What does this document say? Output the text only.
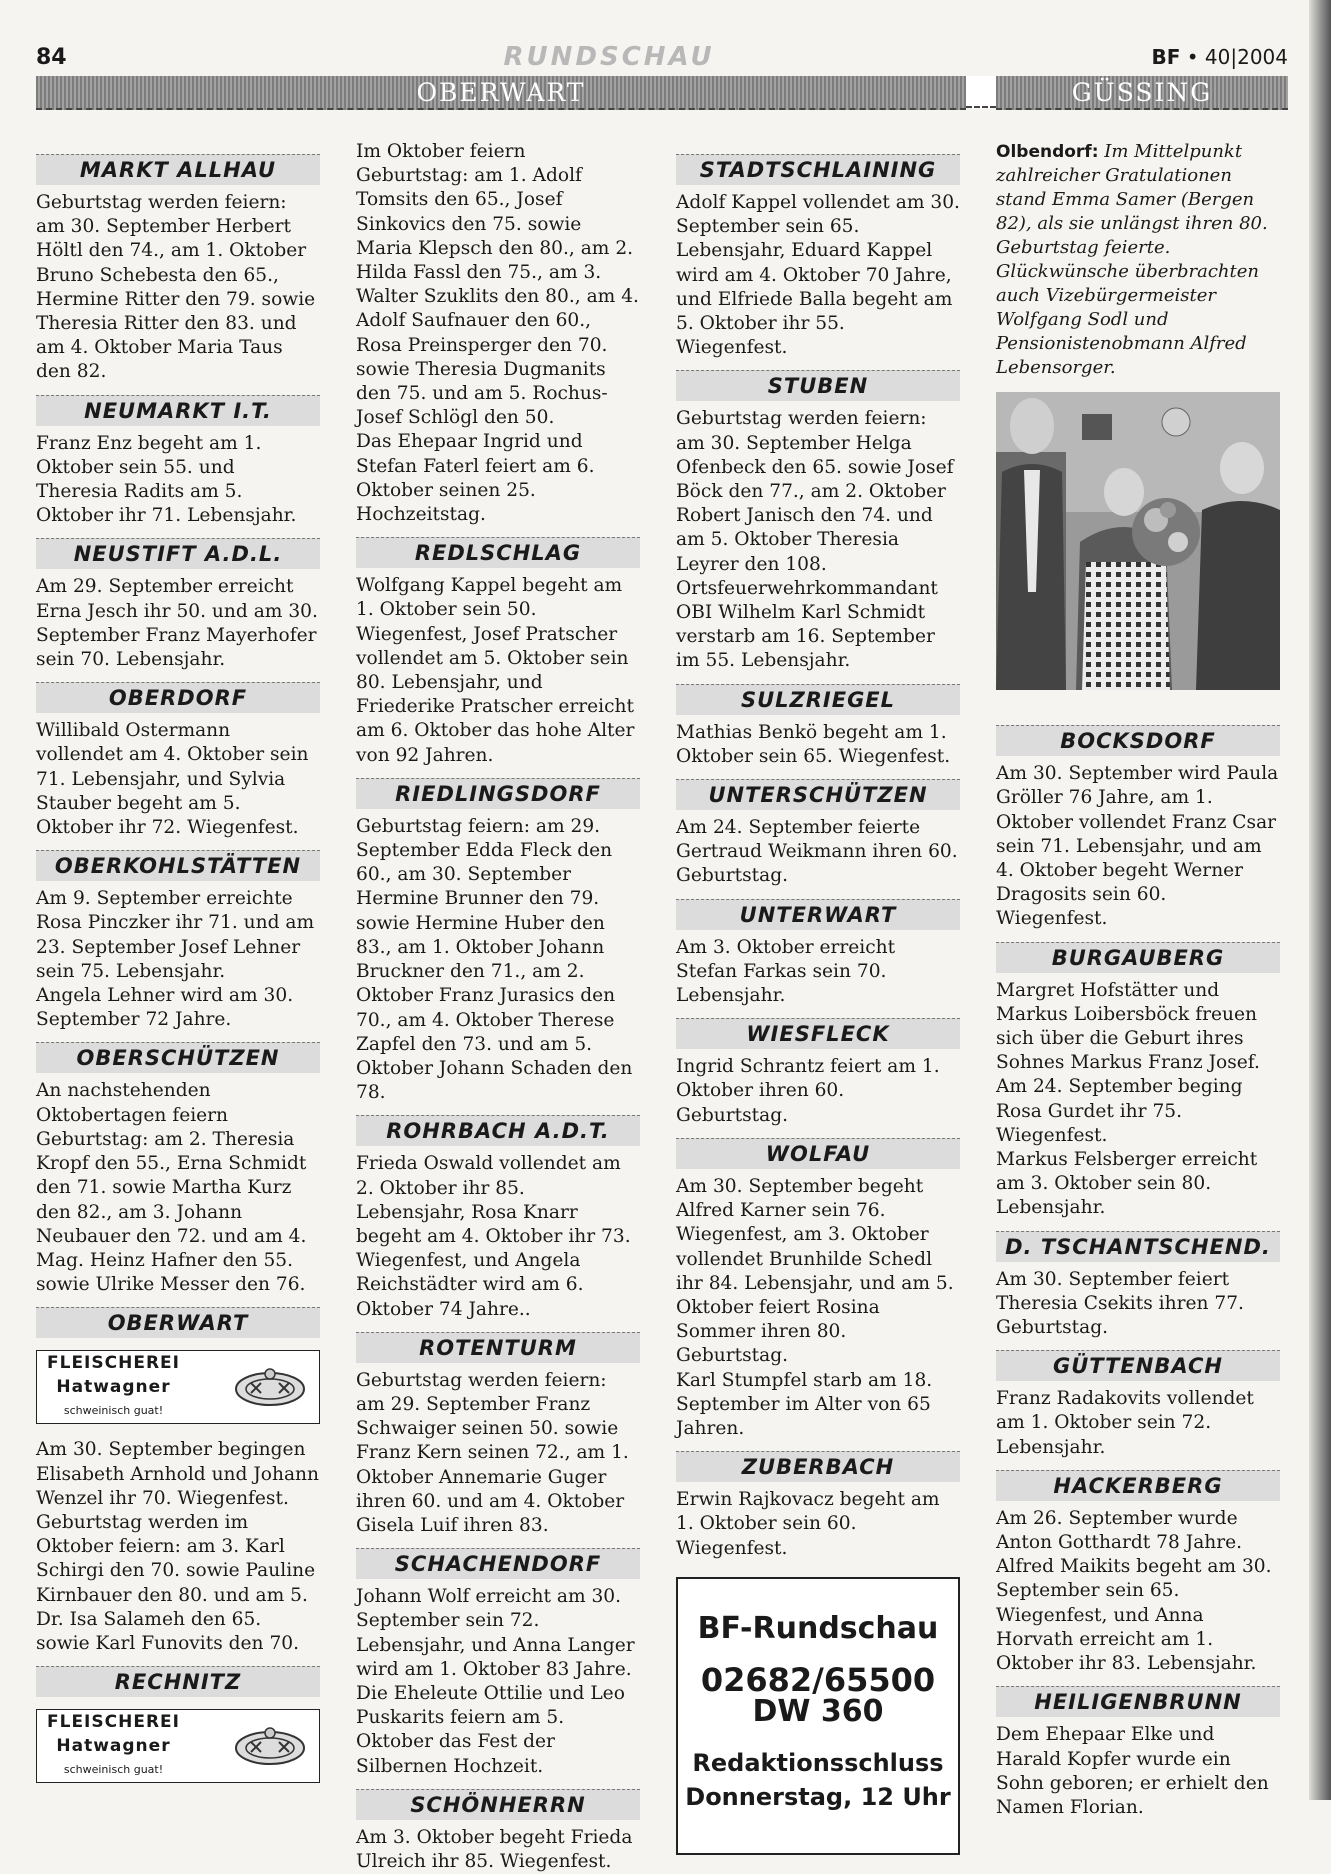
84	RUNDSCHAU	BF • 40|2004
OBERWART	GÜSSING
MARKT ALLHAU

Geburtstag werden feiern: am 30. September Herbert Höltl den 74., am 1. Oktober Bruno Schebesta den 65., Hermine Ritter den 79. sowie Theresia Ritter den 83. und am 4. Oktober Maria Taus den 82.

NEUMARKT I.T.

Franz Enz begeht am 1. Oktober sein 55. und Theresia Radits am 5. Oktober ihr 71. Lebensjahr.

NEUSTIFT A.D.L.

Am 29. September erreicht Erna Jesch ihr 50. und am 30. September Franz Mayerhofer sein 70. Lebensjahr.

OBERDORF

Willibald Ostermann vollendet am 4. Oktober sein 71. Lebensjahr, und Sylvia Stauber begeht am 5. Oktober ihr 72. Wiegenfest.

OBERKOHLSTÄTTEN

Am 9. September erreichte Rosa Pinczker ihr 71. und am 23. September Josef Lehner sein 75. Lebensjahr.

Angela Lehner wird am 30. September 72 Jahre.

OBERSCHÜTZEN

An nachstehenden Oktobertagen feiern Geburtstag: am 2. Theresia Kropf den 55., Erna Schmidt den 71. sowie Martha Kurz den 82., am 3. Johann Neubauer den 72. und am 4. Mag. Heinz Hafner den 55. sowie Ulrike Messer den 76.

OBERWART
FLEISCHEREI
Hatwagner
schweinisch guat!

Am 30. September begingen Elisabeth Arnhold und Johann Wenzel ihr 70. Wiegenfest.

Geburtstag werden im Oktober feiern: am 3. Karl Schirgi den 70. sowie Pauline Kirnbauer den 80. und am 5. Dr. Isa Salameh den 65. sowie Karl Funovits den 70.

RECHNITZ
FLEISCHEREI
Hatwagner
schweinisch guat!

Im Oktober feiern Geburtstag: am 1. Adolf Tomsits den 65., Josef Sinkovics den 75. sowie Maria Klepsch den 80., am 2. Hilda Fassl den 75., am 3. Walter Szuklits den 80., am 4. Adolf Saufnauer den 60., Rosa Preinsperger den 70. sowie Theresia Dugmanits den 75. und am 5. Rochus-Josef Schlögl den 50.

Das Ehepaar Ingrid und Stefan Faterl feiert am 6. Oktober seinen 25. Hochzeitstag.

REDLSCHLAG

Wolfgang Kappel begeht am 1. Oktober sein 50. Wiegenfest, Josef Pratscher vollendet am 5. Oktober sein 80. Lebensjahr, und Friederike Pratscher erreicht am 6. Oktober das hohe Alter von 92 Jahren.

RIEDLINGSDORF

Geburtstag feiern: am 29. September Edda Fleck den 60., am 30. September Hermine Brunner den 79. sowie Hermine Huber den 83., am 1. Oktober Johann Bruckner den 71., am 2. Oktober Franz Jurasics den 70., am 4. Oktober Therese Zapfel den 73. und am 5. Oktober Johann Schaden den 78.

ROHRBACH A.D.T.

Frieda Oswald vollendet am 2. Oktober ihr 85. Lebensjahr, Rosa Knarr begeht am 4. Oktober ihr 73. Wiegenfest, und Angela Reichstädter wird am 6. Oktober 74 Jahre..

ROTENTURM

Geburtstag werden feiern: am 29. September Franz Schwaiger seinen 50. sowie Franz Kern seinen 72., am 1. Oktober Annemarie Guger ihren 60. und am 4. Oktober Gisela Luif ihren 83.

SCHACHENDORF

Johann Wolf erreicht am 30. September sein 72. Lebensjahr, und Anna Langer wird am 1. Oktober 83 Jahre.

Die Eheleute Ottilie und Leo Puskarits feiern am 5. Oktober das Fest der Silbernen Hochzeit.

SCHÖNHERRN

Am 3. Oktober begeht Frieda Ulreich ihr 85. Wiegenfest.

STADTSCHLAINING

Adolf Kappel vollendet am 30. September sein 65. Lebensjahr, Eduard Kappel wird am 4. Oktober 70 Jahre, und Elfriede Balla begeht am 5. Oktober ihr 55. Wiegenfest.

STUBEN

Geburtstag werden feiern: am 30. September Helga Ofenbeck den 65. sowie Josef Böck den 77., am 2. Oktober Robert Janisch den 74. und am 5. Oktober Theresia Leyrer den 108.

Ortsfeuerwehrkommandant OBI Wilhelm Karl Schmidt verstarb am 16. September im 55. Lebensjahr.

SULZRIEGEL

Mathias Benkö begeht am 1. Oktober sein 65. Wiegenfest.

UNTERSCHÜTZEN

Am 24. September feierte Gertraud Weikmann ihren 60. Geburtstag.

UNTERWART

Am 3. Oktober erreicht Stefan Farkas sein 70. Lebensjahr.

WIESFLECK

Ingrid Schrantz feiert am 1. Oktober ihren 60. Geburtstag.

WOLFAU

Am 30. September begeht Alfred Karner sein 76. Wiegenfest, am 3. Oktober vollendet Brunhilde Schedl ihr 84. Lebensjahr, und am 5. Oktober feiert Rosina Sommer ihren 80. Geburtstag.

Karl Stumpfel starb am 18. September im Alter von 65 Jahren.

ZUBERBACH

Erwin Rajkovacz begeht am 1. Oktober sein 60. Wiegenfest.

BF-Rundschau
02682/65500
DW 360
Redaktionsschluss
Donnerstag, 12 Uhr

Olbendorf: Im Mittelpunkt zahlreicher Gratulationen stand Emma Samer (Bergen 82), als sie unlängst ihren 80. Geburtstag feierte. Glückwünsche überbrachten auch Vizebürgermeister Wolfgang Sodl und Pensionistenobmann Alfred Lebensorger.

BOCKSDORF

Am 30. September wird Paula Gröller 76 Jahre, am 1. Oktober vollendet Franz Csar sein 71. Lebensjahr, und am 4. Oktober begeht Werner Dragosits sein 60. Wiegenfest.

BURGAUBERG

Margret Hofstätter und Markus Loibersböck freuen sich über die Geburt ihres Sohnes Markus Franz Josef.

Am 24. September beging Rosa Gurdet ihr 75. Wiegenfest.

Markus Felsberger erreicht am 3. Oktober sein 80. Lebensjahr.

D. TSCHANTSCHEND.

Am 30. September feiert Theresia Csekits ihren 77. Geburtstag.

GÜTTENBACH

Franz Radakovits vollendet am 1. Oktober sein 72. Lebensjahr.

HACKERBERG

Am 26. September wurde Anton Gotthardt 78 Jahre.

Alfred Maikits begeht am 30. September sein 65. Wiegenfest, und Anna Horvath erreicht am 1. Oktober ihr 83. Lebensjahr.

HEILIGENBRUNN

Dem Ehepaar Elke und Harald Kopfer wurde ein Sohn geboren; er erhielt den Namen Florian.
